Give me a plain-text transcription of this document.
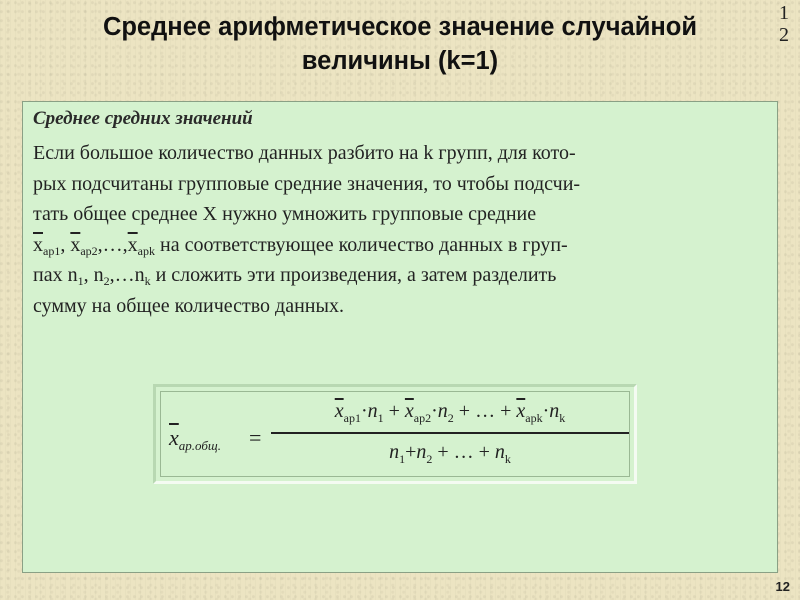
Среднее арифметическое значение случайной
величины (k=1)
1
2
Среднее средних значений
Если большое количество данных разбито на k групп, для кото-
рых подсчитаны групповые средние значения, то чтобы подсчи-
тать общее среднее X нужно умножить групповые средние
$\overline{x}_{ap1}$, $\overline{x}_{ap2},\dots,\overline{x}_{apk}$ на соответствующее количество данных в груп-
пах $n_1$, $n_2,\dots n_k$ и сложить эти произведения, а затем разделить
сумму на общее количество данных.
$\overline{x}_{ap.общ.}$ =
$\overline{x}_{ap1}\cdot n_1 + \overline{x}_{ap2}\cdot n_2$ + … + $\overline{x}_{apk}\cdot n_k$
$n_1+n_2$ + … + $n_k$
12
